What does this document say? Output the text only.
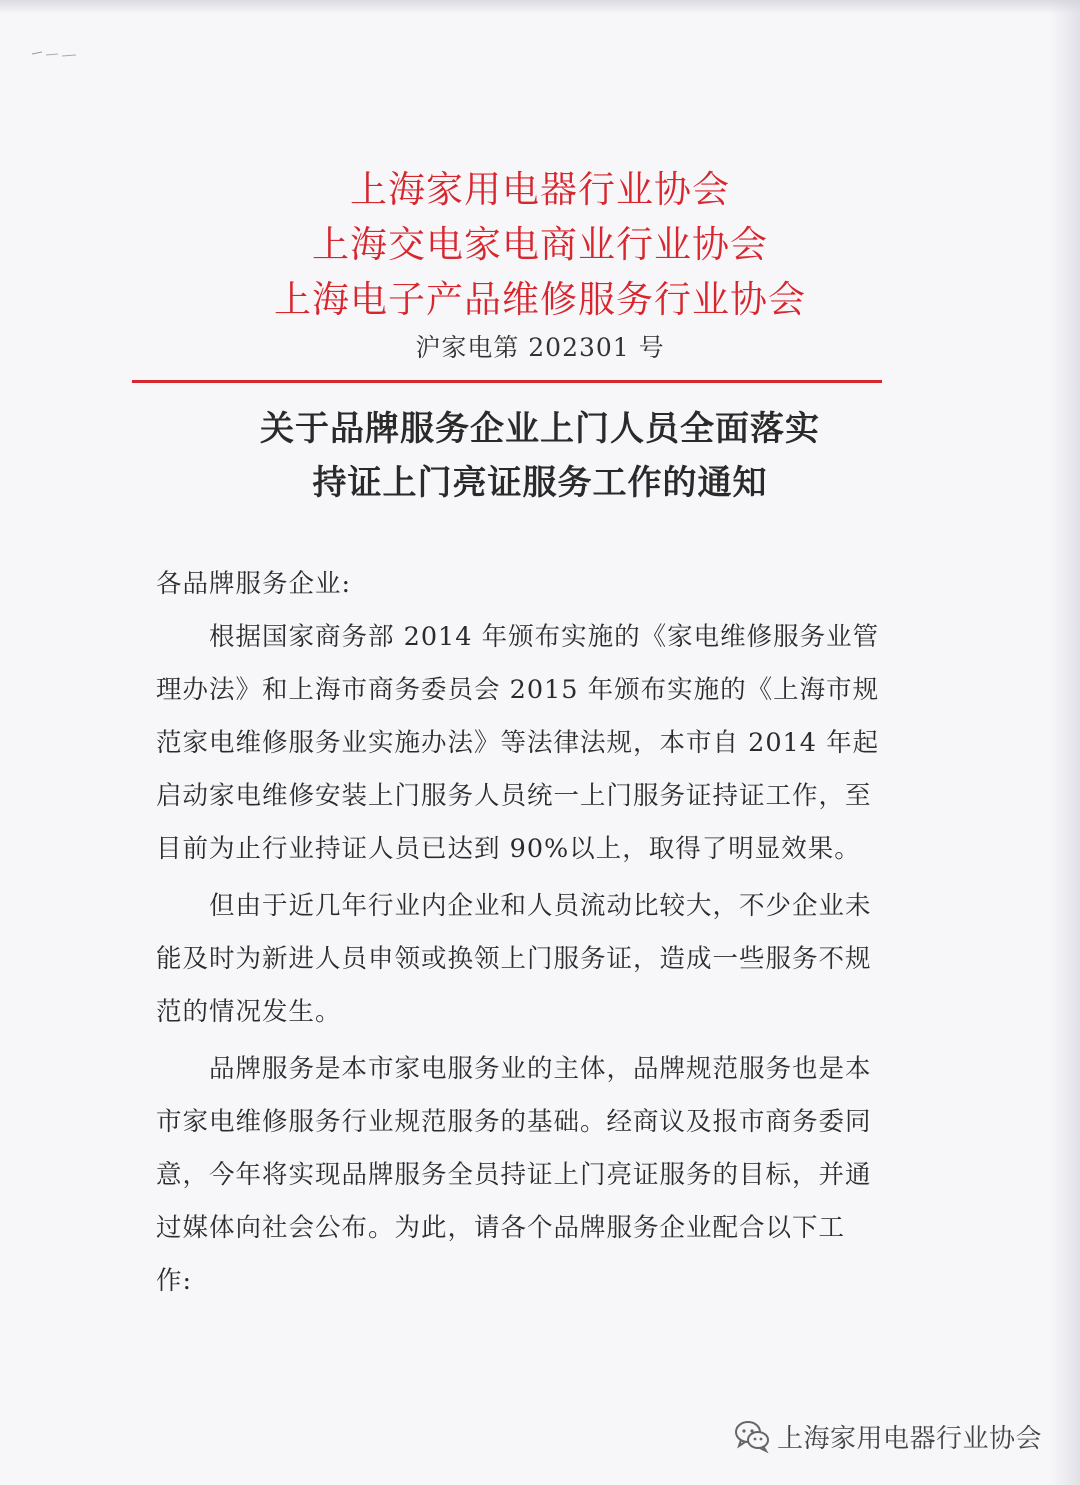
上海家用电器行业协会
上海交电家电商业行业协会
上海电子产品维修服务行业协会
沪家电第 202301 号
关于品牌服务企业上门人员全面落实
持证上门亮证服务工作的通知
各品牌服务企业:
　　根据国家商务部 2014 年颁布实施的《家电维修服务业管
理办法》和上海市商务委员会 2015 年颁布实施的《上海市规
范家电维修服务业实施办法》等法律法规，本市自 2014 年起
启动家电维修安装上门服务人员统一上门服务证持证工作，至
目前为止行业持证人员已达到 90%以上，取得了明显效果。
　　但由于近几年行业内企业和人员流动比较大，不少企业未
能及时为新进人员申领或换领上门服务证，造成一些服务不规
范的情况发生。
　　品牌服务是本市家电服务业的主体，品牌规范服务也是本
市家电维修服务行业规范服务的基础。经商议及报市商务委同
意，今年将实现品牌服务全员持证上门亮证服务的目标，并通
过媒体向社会公布。为此，请各个品牌服务企业配合以下工
作:
上海家用电器行业协会
